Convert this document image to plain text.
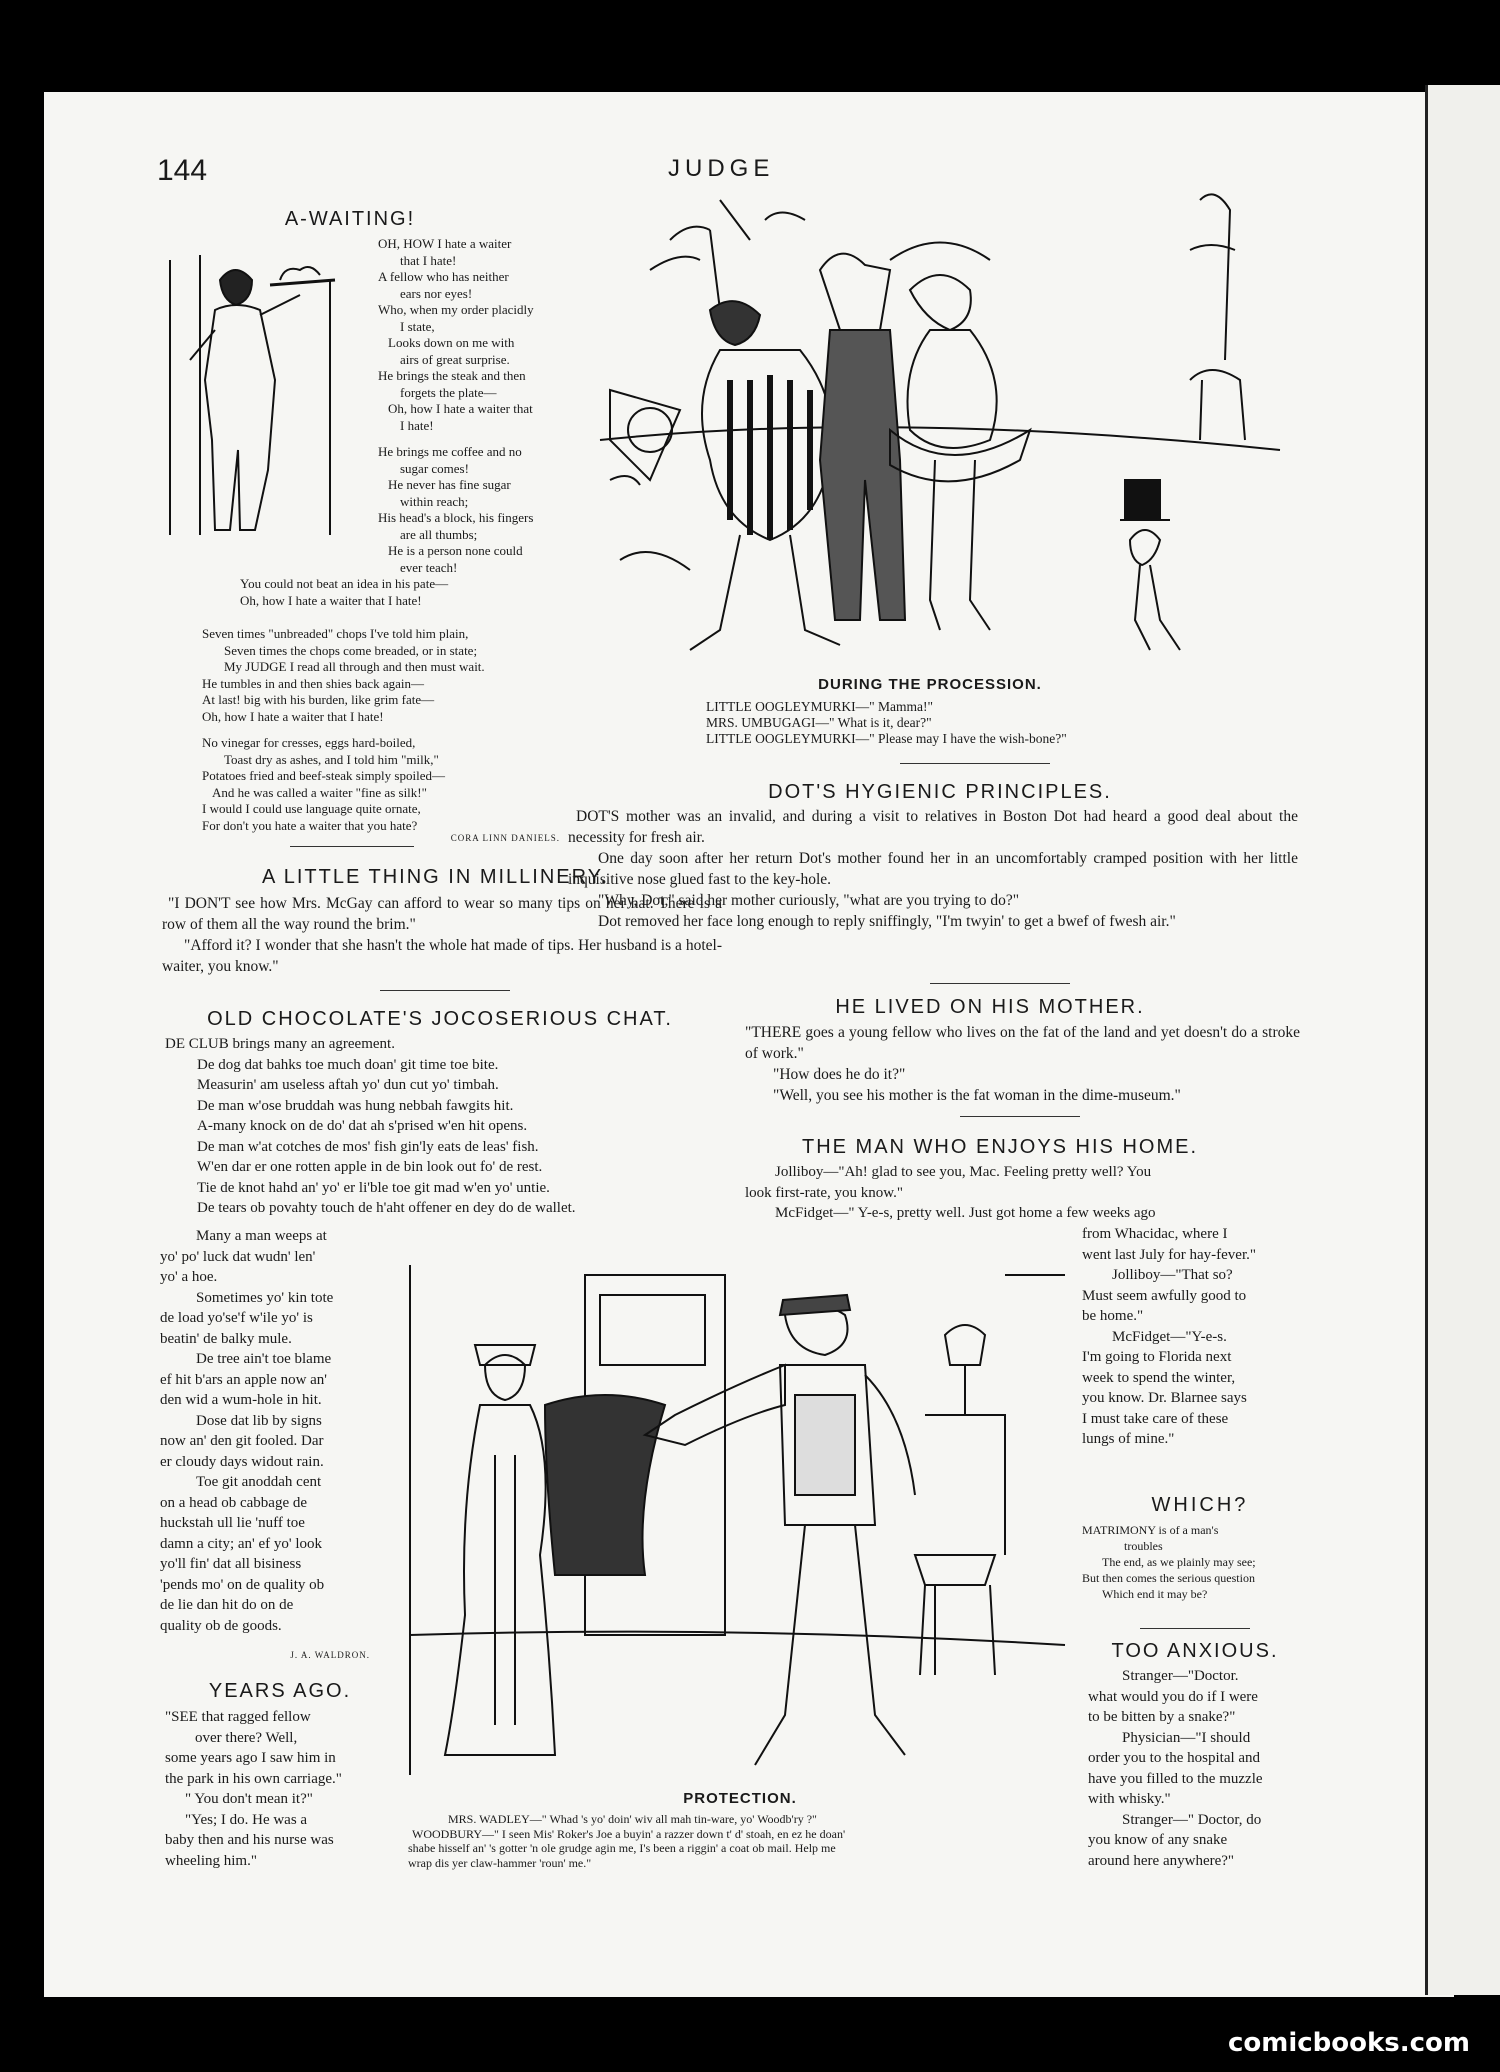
144	JUDGE
A-WAITING!

OH, HOW I hate a waiter

that I hate!

A fellow who has neither

ears nor eyes!

Who, when my order placidly

I state,

Looks down on me with

airs of great surprise.

He brings the steak and then

forgets the plate—

Oh, how I hate a waiter that

I hate!

He brings me coffee and no

sugar comes!

He never has fine sugar

within reach;

His head's a block, his fingers

are all thumbs;

He is a person none could

ever teach!

You could not beat an idea in his pate—

Oh, how I hate a waiter that I hate!

Seven times "unbreaded" chops I've told him plain,

Seven times the chops come breaded, or in state;

My JUDGE I read all through and then must wait.

He tumbles in and then shies back again—

At last! big with his burden, like grim fate—

Oh, how I hate a waiter that I hate!

No vinegar for cresses, eggs hard-boiled,

Toast dry as ashes, and I told him "milk,"

Potatoes fried and beef-steak simply spoiled—

And he was called a waiter "fine as silk!"

I would I could use language quite ornate,

For don't you hate a waiter that you hate?

CORA LINN DANIELS.
DURING THE PROCESSION.
LITTLE OOGLEYMURKI—" Mamma!"
MRS. UMBUGAGI—" What is it, dear?"
LITTLE OOGLEYMURKI—" Please may I have the wish-bone?"
DOT'S HYGIENIC PRINCIPLES.

DOT'S mother was an invalid, and during a visit to relatives in Boston Dot had heard a good deal about the necessity for fresh air.

One day soon after her return Dot's mother found her in an uncomfortably cramped position with her little inquisitive nose glued fast to the key-hole.

"Why, Dot," said her mother curiously, "what are you trying to do?"

Dot removed her face long enough to reply sniffingly, "I'm twyin' to get a bwef of fwesh air."

A LITTLE THING IN MILLINERY.

"I DON'T see how Mrs. McGay can afford to wear so many tips on her hat. There is a row of them all the way round the brim."

"Afford it? I wonder that she hasn't the whole hat made of tips. Her husband is a hotel-waiter, you know."

OLD CHOCOLATE'S JOCOSERIOUS CHAT.

DE CLUB brings many an agreement.

De dog dat bahks toe much doan' git time toe bite.

Measurin' am useless aftah yo' dun cut yo' timbah.

De man w'ose bruddah was hung nebbah fawgits hit.

A-many knock on de do' dat ah s'prised w'en hit opens.

De man w'at cotches de mos' fish gin'ly eats de leas' fish.

W'en dar er one rotten apple in de bin look out fo' de rest.

Tie de knot hahd an' yo' er li'ble toe git mad w'en yo' untie.

De tears ob povahty touch de h'aht offener en dey do de wallet.

Many a man weeps at

yo' po' luck dat wudn' len'

yo' a hoe.

Sometimes yo' kin tote

de load yo'se'f w'ile yo' is

beatin' de balky mule.

De tree ain't toe blame

ef hit b'ars an apple now an'

den wid a wum-hole in hit.

Dose dat lib by signs

now an' den git fooled. Dar

er cloudy days widout rain.

Toe git anoddah cent

on a head ob cabbage de

huckstah ull lie 'nuff toe

damn a city; an' ef yo' look

yo'll fin' dat all bisiness

'pends mo' on de quality ob

de lie dan hit do on de

quality ob de goods.

J. A. WALDRON.
YEARS AGO.

"SEE that ragged fellow

over there? Well,

some years ago I saw him in

the park in his own carriage."

" You don't mean it?"

"Yes; I do. He was a

baby then and his nurse was

wheeling him."

HE LIVED ON HIS MOTHER.

"THERE goes a young fellow who lives on the fat of the land and yet doesn't do a stroke of work."

"How does he do it?"

"Well, you see his mother is the fat woman in the dime-museum."

THE MAN WHO ENJOYS HIS HOME.

Jolliboy—"Ah! glad to see you, Mac. Feeling pretty well? You

look first-rate, you know."

McFidget—" Y-e-s, pretty well. Just got home a few weeks ago

from Whacidac, where I

went last July for hay-fever."

Jolliboy—"That so?

Must seem awfully good to

be home."

McFidget—"Y-e-s.

I'm going to Florida next

week to spend the winter,

you know. Dr. Blarnee says

I must take care of these

lungs of mine."

WHICH?
MATRIMONY is of a man's
troubles
The end, as we plainly may see;
But then comes the serious question
Which end it may be?
TOO ANXIOUS.

Stranger—"Doctor.

what would you do if I were

to be bitten by a snake?"

Physician—"I should

order you to the hospital and

have you filled to the muzzle

with whisky."

Stranger—" Doctor, do

you know of any snake

around here anywhere?"

PROTECTION.
MRS. WADLEY—" Whad 's yo' doin' wiv all mah tin-ware, yo' Woodb'ry ?"
WOODBURY—" I seen Mis' Roker's Joe a buyin' a razzer down t' d' stoah, en ez he doan'
shabe hisself an' 's gotter 'n ole grudge agin me, I's been a riggin' a coat ob mail. Help me
wrap dis yer claw-hammer 'roun' me."
comicbooks.com
